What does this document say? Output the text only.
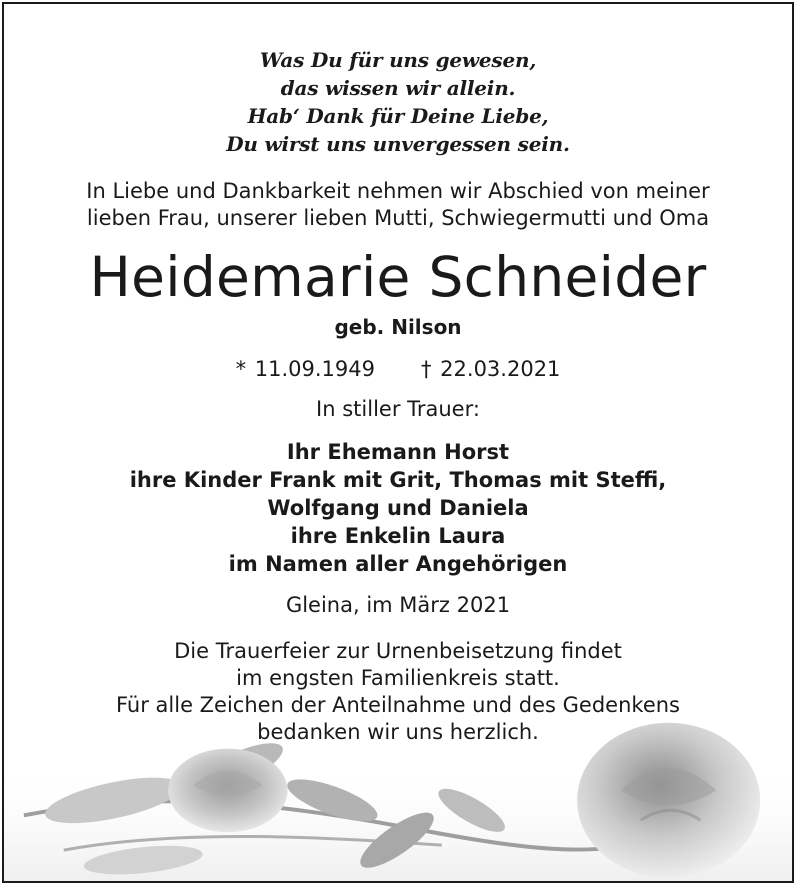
Was Du für uns gewesen,
das wissen wir allein.
Hab‘ Dank für Deine Liebe,
Du wirst uns unvergessen sein.
In Liebe und Dankbarkeit nehmen wir Abschied von meiner
lieben Frau, unserer lieben Mutti, Schwiegermutti und Oma
Heidemarie Schneider
geb. Nilson
* 11.09.1949 † 22.03.2021
In stiller Trauer:
Ihr Ehemann Horst
ihre Kinder Frank mit Grit, Thomas mit Steffi,
Wolfgang und Daniela
ihre Enkelin Laura
im Namen aller Angehörigen
Gleina, im März 2021
Die Trauerfeier zur Urnenbeisetzung findet
im engsten Familienkreis statt.
Für alle Zeichen der Anteilnahme und des Gedenkens
bedanken wir uns herzlich.
